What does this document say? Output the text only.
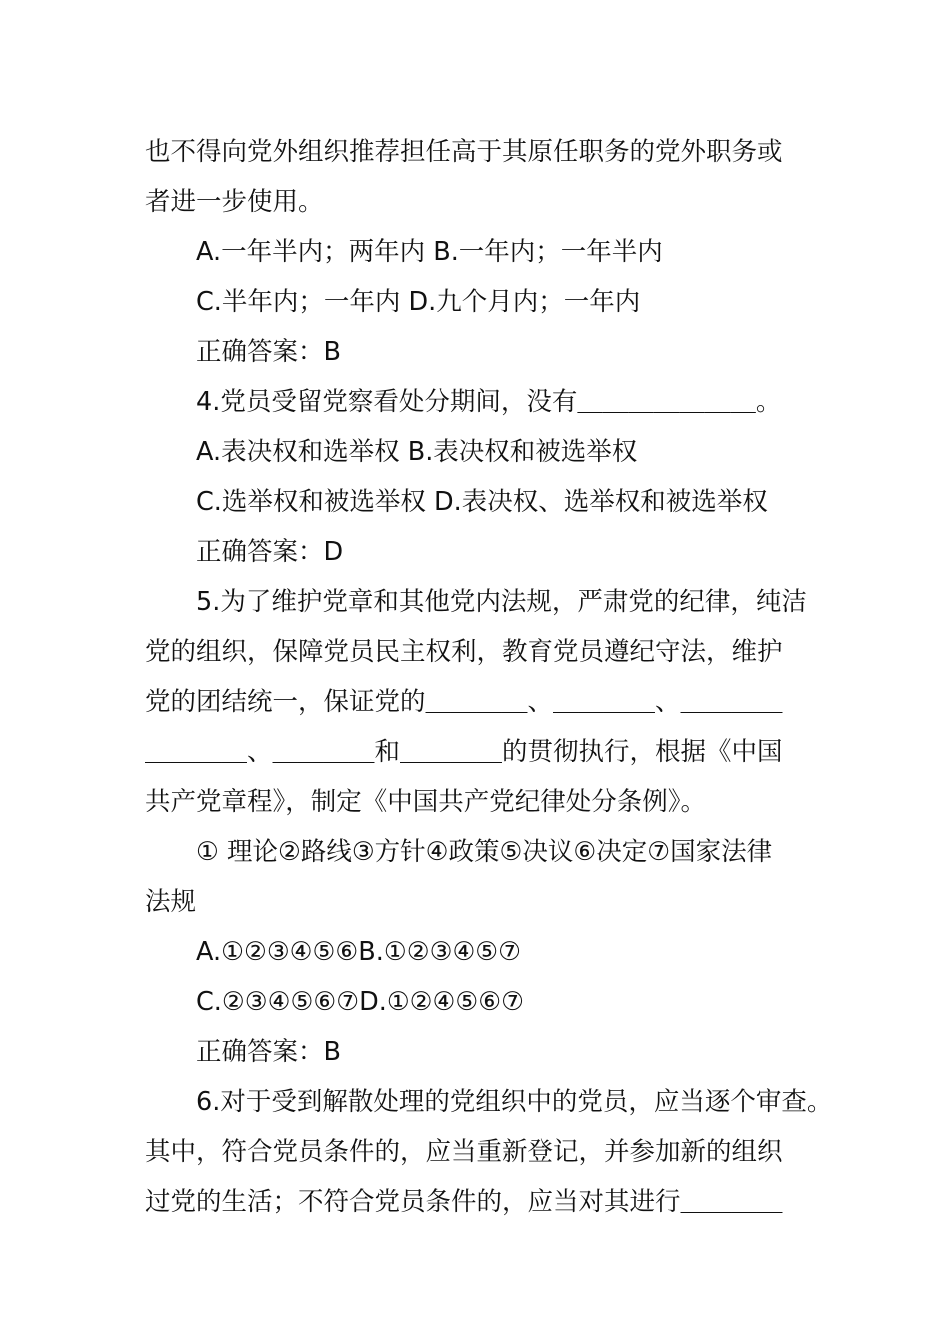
也不得向党外组织推荐担任高于其原任职务的党外职务或
者进一步使用。
A.一年半内；两年内 B.一年内；一年半内
C.半年内；一年内 D.九个月内；一年内
正确答案：B
4.党员受留党察看处分期间，没有＿＿＿＿＿＿＿。
A.表决权和选举权 B.表决权和被选举权
C.选举权和被选举权 D.表决权、选举权和被选举权
正确答案：D
5.为了维护党章和其他党内法规，严肃党的纪律，纯洁
党的组织，保障党员民主权利，教育党员遵纪守法，维护
党的团结统一，保证党的＿＿＿＿、＿＿＿＿、＿＿＿＿
＿＿＿＿、＿＿＿＿和＿＿＿＿的贯彻执行，根据《中国
共产党章程》，制定《中国共产党纪律处分条例》。
① 理论②路线③方针④政策⑤决议⑥决定⑦国家法律
法规
A.①②③④⑤⑥B.①②③④⑤⑦
C.②③④⑤⑥⑦D.①②④⑤⑥⑦
正确答案：B
6.对于受到解散处理的党组织中的党员，应当逐个审查。
其中，符合党员条件的，应当重新登记，并参加新的组织
过党的生活；不符合党员条件的，应当对其进行＿＿＿＿
